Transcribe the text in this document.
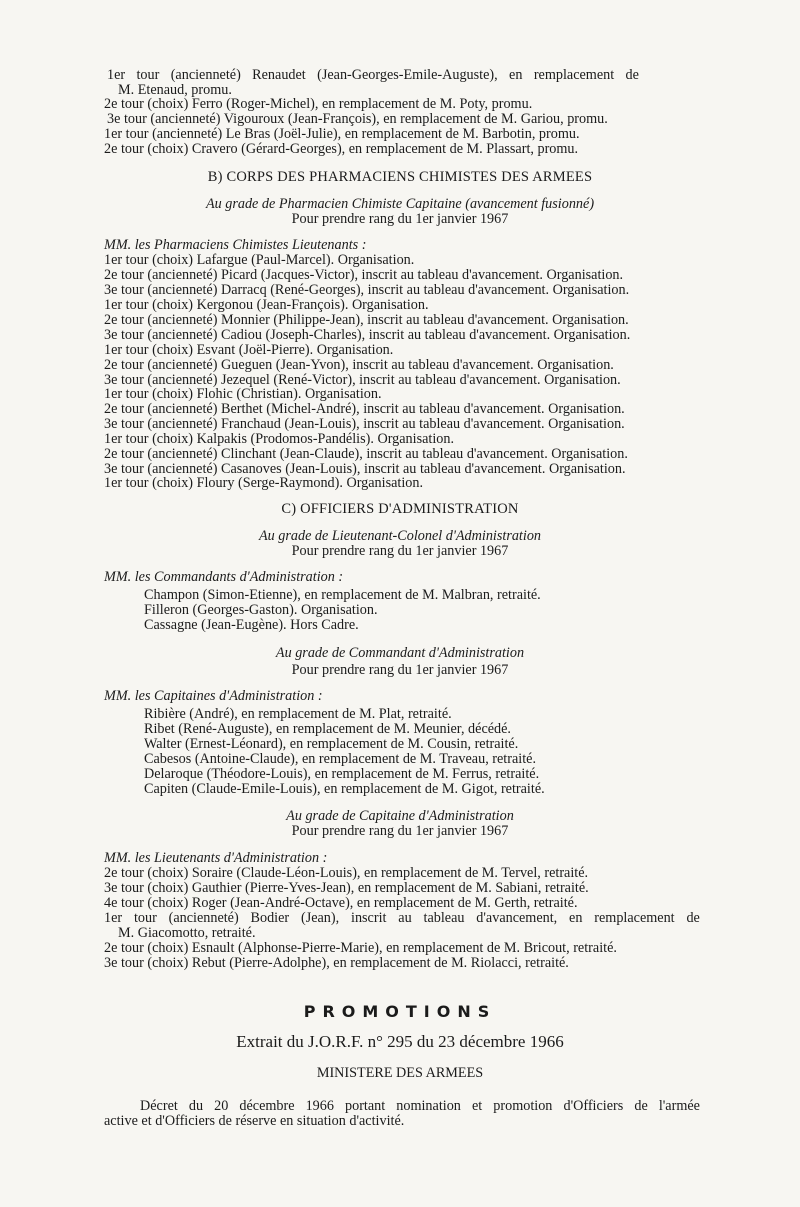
1er tour (ancienneté) Renaudet (Jean-Georges-Emile-Auguste), en remplacement de
M. Etenaud, promu.
2e tour (choix) Ferro (Roger-Michel), en remplacement de M. Poty, promu.
3e tour (ancienneté) Vigouroux (Jean-François), en remplacement de M. Gariou, promu.
1er tour (ancienneté) Le Bras (Joël-Julie), en remplacement de M. Barbotin, promu.
2e tour (choix) Cravero (Gérard-Georges), en remplacement de M. Plassart, promu.
B) CORPS DES PHARMACIENS CHIMISTES DES ARMEES
Au grade de Pharmacien Chimiste Capitaine (avancement fusionné)
Pour prendre rang du 1er janvier 1967
MM. les Pharmaciens Chimistes Lieutenants :
1er tour (choix) Lafargue (Paul-Marcel). Organisation.
2e tour (ancienneté) Picard (Jacques-Victor), inscrit au tableau d'avancement. Organisation.
3e tour (ancienneté) Darracq (René-Georges), inscrit au tableau d'avancement. Organisation.
1er tour (choix) Kergonou (Jean-François). Organisation.
2e tour (ancienneté) Monnier (Philippe-Jean), inscrit au tableau d'avancement. Organisation.
3e tour (ancienneté) Cadiou (Joseph-Charles), inscrit au tableau d'avancement. Organisation.
1er tour (choix) Esvant (Joël-Pierre). Organisation.
2e tour (ancienneté) Gueguen (Jean-Yvon), inscrit au tableau d'avancement. Organisation.
3e tour (ancienneté) Jezequel (René-Victor), inscrit au tableau d'avancement. Organisation.
1er tour (choix) Flohic (Christian). Organisation.
2e tour (ancienneté) Berthet (Michel-André), inscrit au tableau d'avancement. Organisation.
3e tour (ancienneté) Franchaud (Jean-Louis), inscrit au tableau d'avancement. Organisation.
1er tour (choix) Kalpakis (Prodomos-Pandélis). Organisation.
2e tour (ancienneté) Clinchant (Jean-Claude), inscrit au tableau d'avancement. Organisation.
3e tour (ancienneté) Casanoves (Jean-Louis), inscrit au tableau d'avancement. Organisation.
1er tour (choix) Floury (Serge-Raymond). Organisation.
C) OFFICIERS D'ADMINISTRATION
Au grade de Lieutenant-Colonel d'Administration
Pour prendre rang du 1er janvier 1967
MM. les Commandants d'Administration :
Champon (Simon-Etienne), en remplacement de M. Malbran, retraité.
Filleron (Georges-Gaston). Organisation.
Cassagne (Jean-Eugène). Hors Cadre.
Au grade de Commandant d'Administration
Pour prendre rang du 1er janvier 1967
MM. les Capitaines d'Administration :
Ribière (André), en remplacement de M. Plat, retraité.
Ribet (René-Auguste), en remplacement de M. Meunier, décédé.
Walter (Ernest-Léonard), en remplacement de M. Cousin, retraité.
Cabesos (Antoine-Claude), en remplacement de M. Traveau, retraité.
Delaroque (Théodore-Louis), en remplacement de M. Ferrus, retraité.
Capiten (Claude-Emile-Louis), en remplacement de M. Gigot, retraité.
Au grade de Capitaine d'Administration
Pour prendre rang du 1er janvier 1967
MM. les Lieutenants d'Administration :
2e tour (choix) Soraire (Claude-Léon-Louis), en remplacement de M. Tervel, retraité.
3e tour (choix) Gauthier (Pierre-Yves-Jean), en remplacement de M. Sabiani, retraité.
4e tour (choix) Roger (Jean-André-Octave), en remplacement de M. Gerth, retraité.
1er tour (ancienneté) Bodier (Jean), inscrit au tableau d'avancement, en remplacement de
M. Giacomotto, retraité.
2e tour (choix) Esnault (Alphonse-Pierre-Marie), en remplacement de M. Bricout, retraité.
3e tour (choix) Rebut (Pierre-Adolphe), en remplacement de M. Riolacci, retraité.
PROMOTIONS
Extrait du J.O.R.F. n° 295 du 23 décembre 1966
MINISTERE DES ARMEES
Décret du 20 décembre 1966 portant nomination et promotion d'Officiers de l'armée
active et d'Officiers de réserve en situation d'activité.
